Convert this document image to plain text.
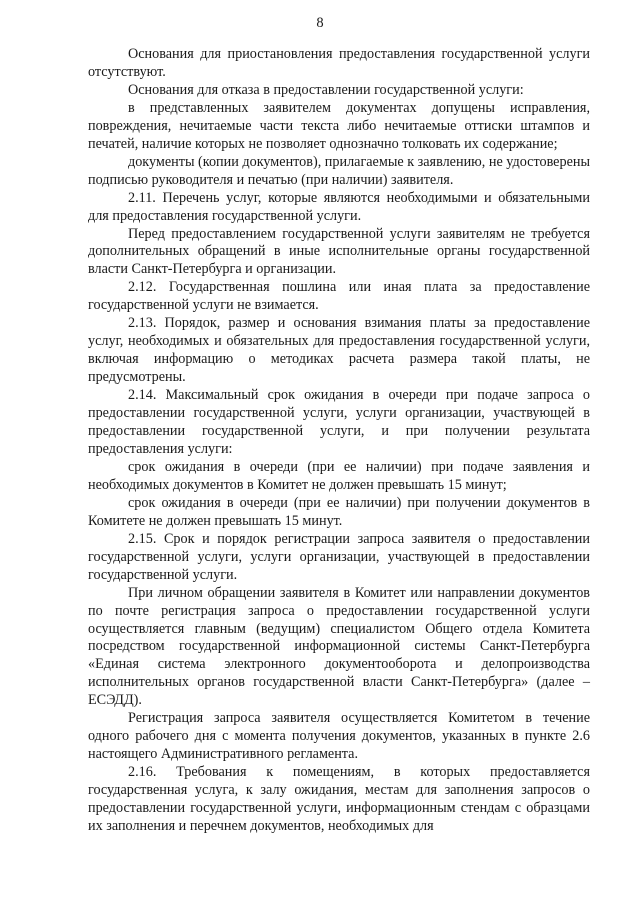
8

Основания для приостановления предоставления государственной услуги отсутствуют.

Основания для отказа в предоставлении государственной услуги:

в представленных заявителем документах допущены исправления, повреждения, нечитаемые части текста либо нечитаемые оттиски штампов и печатей, наличие которых не позволяет однозначно толковать их содержание;

документы (копии документов), прилагаемые к заявлению, не удостоверены подписью руководителя и печатью (при наличии) заявителя.

2.11. Перечень услуг, которые являются необходимыми и обязательными для предоставления государственной услуги.

Перед предоставлением государственной услуги заявителям не требуется дополнительных обращений в иные исполнительные органы государственной власти Санкт-Петербурга и организации.

2.12. Государственная пошлина или иная плата за предоставление государственной услуги не взимается.

2.13. Порядок, размер и основания взимания платы за предоставление услуг, необходимых и обязательных для предоставления государственной услуги, включая информацию о методиках расчета размера такой платы, не предусмотрены.

2.14. Максимальный срок ожидания в очереди при подаче запроса о предоставлении государственной услуги, услуги организации, участвующей в предоставлении государственной услуги, и при получении результата предоставления услуги:

срок ожидания в очереди (при ее наличии) при подаче заявления и необходимых документов в Комитет не должен превышать 15 минут;

срок ожидания в очереди (при ее наличии) при получении документов в Комитете не должен превышать 15 минут.

2.15. Срок и порядок регистрации запроса заявителя о предоставлении государственной услуги, услуги организации, участвующей в предоставлении государственной услуги.

При личном обращении заявителя в Комитет или направлении документов по почте регистрация запроса о предоставлении государственной услуги осуществляется главным (ведущим) специалистом Общего отдела Комитета посредством государственной информационной системы Санкт-Петербурга «Единая система электронного документооборота и делопроизводства исполнительных органов государственной власти Санкт-Петербурга» (далее – ЕСЭДД).

Регистрация запроса заявителя осуществляется Комитетом в течение одного рабочего дня с момента получения документов, указанных в пункте 2.6 настоящего Административного регламента.

2.16. Требования к помещениям, в которых предоставляется государственная услуга, к залу ожидания, местам для заполнения запросов о предоставлении государственной услуги, информационным стендам с образцами их заполнения и перечнем документов, необходимых для
